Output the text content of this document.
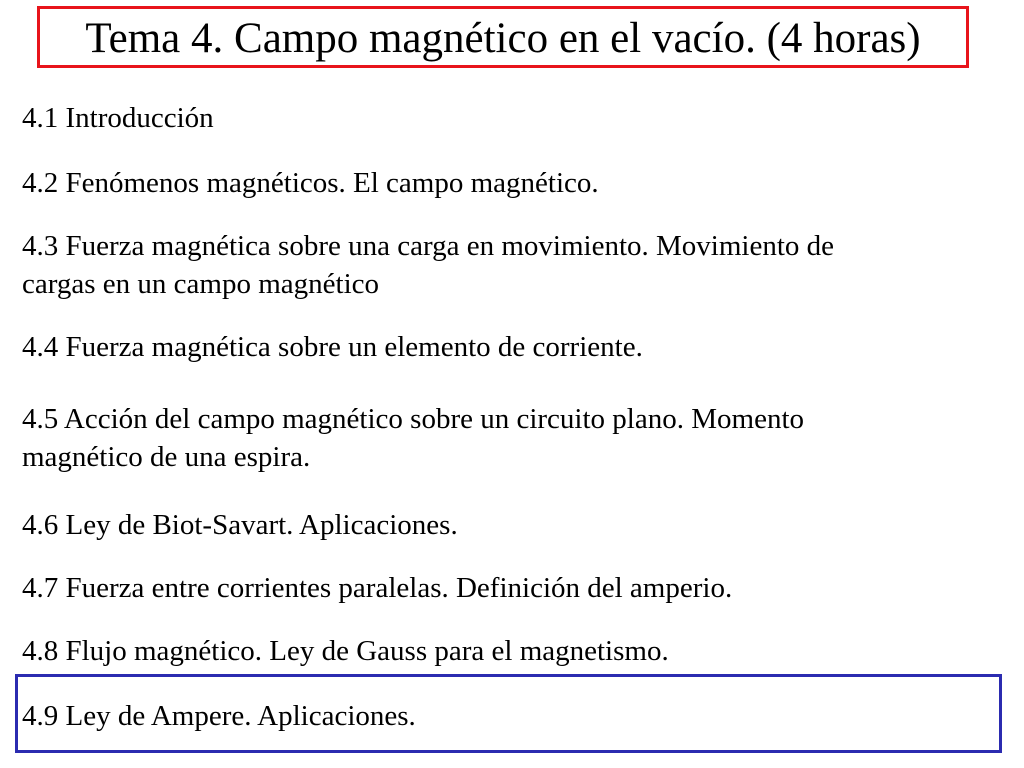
Tema 4. Campo magnético en el vacío. (4 horas)
4.1 Introducción
4.2 Fenómenos magnéticos. El campo magnético.
4.3 Fuerza magnética sobre una carga en movimiento. Movimiento de
cargas en un campo magnético
4.4 Fuerza magnética sobre un elemento de corriente.
4.5 Acción del campo magnético sobre un circuito plano. Momento
magnético de una espira.
4.6 Ley de Biot-Savart. Aplicaciones.
4.7 Fuerza entre corrientes paralelas. Definición del amperio.
4.8 Flujo magnético. Ley de Gauss para el magnetismo.
4.9 Ley de Ampere. Aplicaciones.
